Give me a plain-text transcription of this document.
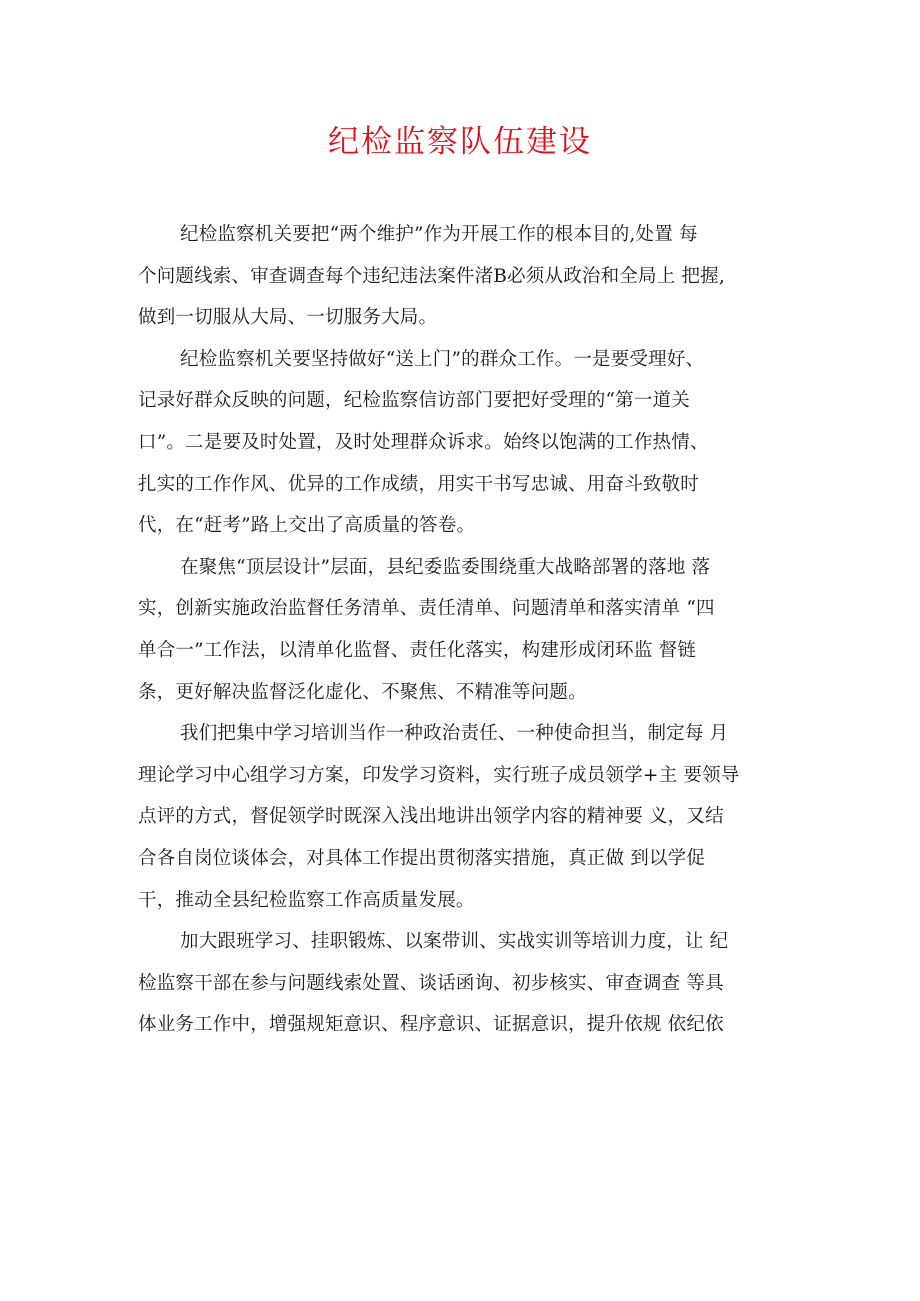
纪检监察队伍建设
纪检监察机关要把“两个维护”作为开展工作的根本目的,处置 每
个问题线索、审查调查每个违纪违法案件渚B必须从政治和全局上 把握,
做到一切服从大局、一切服务大局。
纪检监察机关要坚持做好“送上门”的群众工作。一是要受理好、
记录好群众反映的问题，纪检监察信访部门要把好受理的“第一道关
口”。二是要及时处置，及时处理群众诉求。始终以饱满的工作热情、
扎实的工作作风、优异的工作成绩，用实干书写忠诚、用奋斗致敬时
代，在“赶考”路上交出了高质量的答卷。
在聚焦“顶层设计”层面，县纪委监委围绕重大战略部署的落地 落
实，创新实施政治监督任务清单、责任清单、问题清单和落实清单 “四
单合一”工作法，以清单化监督、责任化落实，构建形成闭环监 督链
条，更好解决监督泛化虚化、不聚焦、不精准等问题。
我们把集中学习培训当作一种政治责任、一种使命担当，制定每 月
理论学习中心组学习方案，印发学习资料，实行班子成员领学+主 要领导
点评的方式，督促领学时既深入浅出地讲出领学内容的精神要 义，又结
合各自岗位谈体会，对具体工作提出贯彻落实措施，真正做 到以学促
干，推动全县纪检监察工作高质量发展。
加大跟班学习、挂职锻炼、以案带训、实战实训等培训力度，让 纪
检监察干部在参与问题线索处置、谈话函询、初步核实、审查调查 等具
体业务工作中，增强规矩意识、程序意识、证据意识，提升依规 依纪依
